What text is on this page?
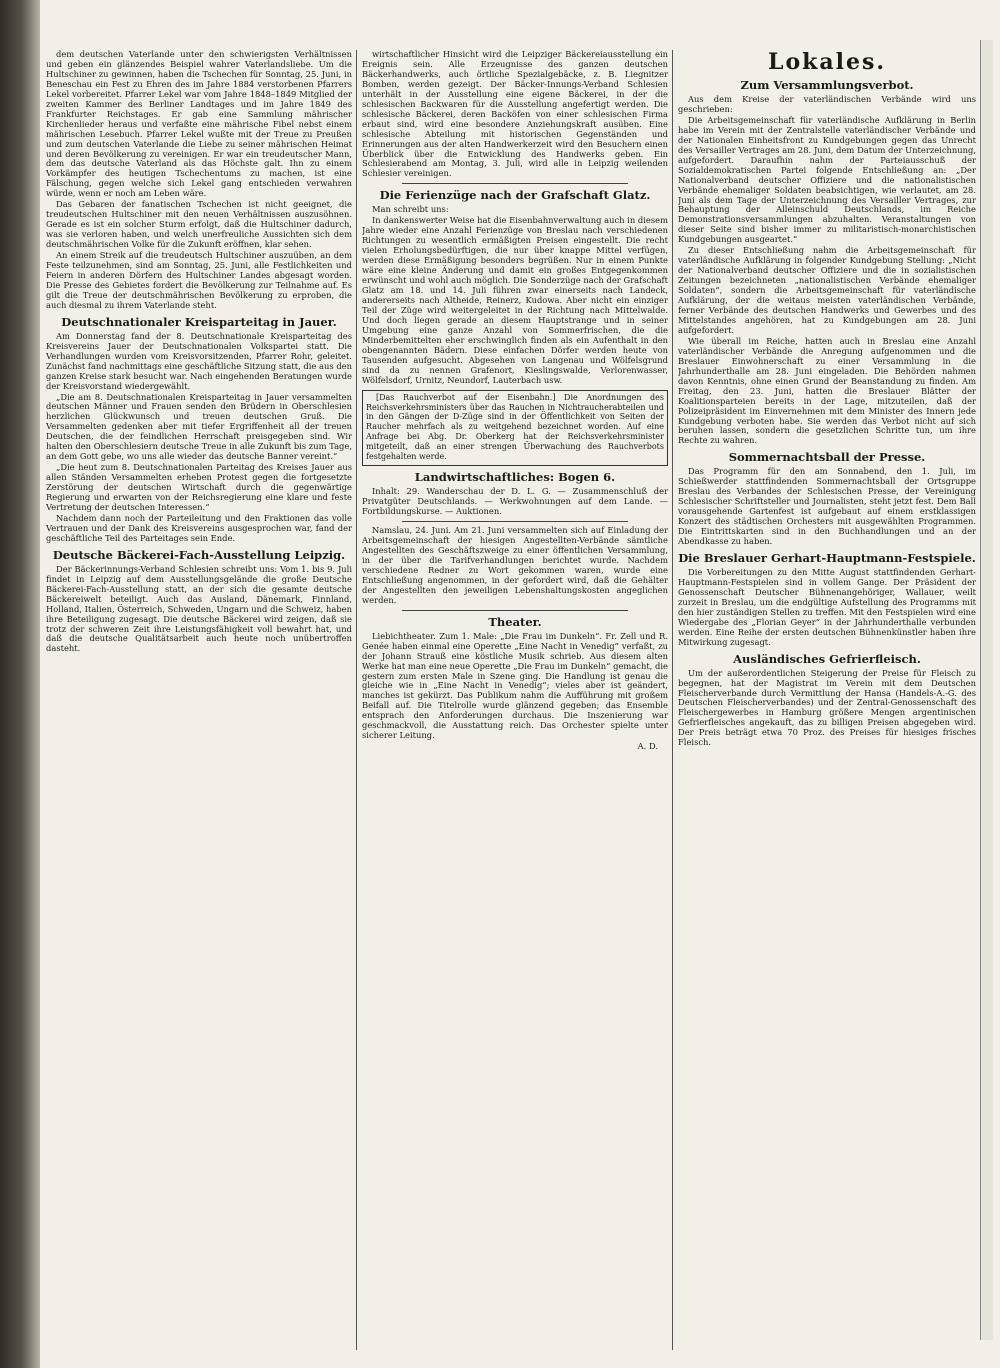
dem deutschen Vaterlande unter den schwierigsten Verhältnissen und geben ein glänzendes Beispiel wahrer Vaterlandsliebe. Um die Hultschiner zu gewinnen, haben die Tschechen für Sonntag, 25. Juni, in Beneschau ein Fest zu Ehren des im Jahre 1884 verstorbenen Pfarrers Lekel vorbereitet. Pfarrer Lekel war vom Jahre 1848–1849 Mitglied der zweiten Kammer des Berliner Landtages und im Jahre 1849 des Frankfurter Reichstages. Er gab eine Sammlung mährischer Kirchenlieder heraus und verfaßte eine mährische Fibel nebst einem mährischen Lesebuch. Pfarrer Lekel wußte mit der Treue zu Preußen und zum deutschen Vaterlande die Liebe zu seiner mährischen Heimat und deren Bevölkerung zu vereinigen. Er war ein treudeutscher Mann, dem das deutsche Vaterland als das Höchste galt. Ihn zu einem Vorkämpfer des heutigen Tschechentums zu machen, ist eine Fälschung, gegen welche sich Lekel gang entschieden verwahren würde, wenn er noch am Leben wäre.

Das Gebaren der fanatischen Tschechen ist nicht geeignet, die treudeutschen Hultschiner mit den neuen Verhältnissen auszusöhnen. Gerade es ist ein solcher Sturm erfolgt, daß die Hultschiner dadurch, was sie verloren haben, und welch unerfreuliche Aussichten sich dem deutschmährischen Volke für die Zukunft eröffnen, klar sehen.

An einem Streik auf die treudeutsch Hultschiner auszuüben, an dem Feste teilzunehmen, sind am Sonntag, 25. Juni, alle Festlichkeiten und Feiern in anderen Dörfern des Hultschiner Landes abgesagt worden. Die Presse des Gebietes fordert die Bevölkerung zur Teilnahme auf. Es gilt die Treue der deutschmährischen Bevölkerung zu erproben, die auch diesmal zu ihrem Vaterlande steht.

Deutschnationaler Kreisparteitag in Jauer.

Am Donnerstag fand der 8. Deutschnationale Kreisparteitag des Kreisvereins Jauer der Deutschnationalen Volkspartei statt. Die Verhandlungen wurden vom Kreisvorsitzenden, Pfarrer Rohr, geleitet. Zunächst fand nachmittags eine geschäftliche Sitzung statt, die aus den ganzen Kreise stark besucht war. Nach eingehenden Beratungen wurde der Kreisvorstand wiedergewählt.

„Die am 8. Deutschnationalen Kreisparteitag in Jauer versammelten deutschen Männer und Frauen senden den Brüdern in Oberschlesien herzlichen Glückwunsch und treuen deutschen Gruß. Die Versammelten gedenken aber mit tiefer Ergriffenheit all der treuen Deutschen, die der feindlichen Herrschaft preisgegeben sind. Wir halten den Oberschlesiern deutsche Treue in alle Zukunft bis zum Tage, an dem Gott gebe, wo uns alle wieder das deutsche Banner vereint.“

„Die heut zum 8. Deutschnationalen Parteitag des Kreises Jauer aus allen Ständen Versammelten erheben Protest gegen die fortgesetzte Zerstörung der deutschen Wirtschaft durch die gegenwärtige Regierung und erwarten von der Reichsregierung eine klare und feste Vertretung der deutschen Interessen.“

Nachdem dann noch der Parteileitung und den Fraktionen das volle Vertrauen und der Dank des Kreisvereins ausgesprochen war, fand der geschäftliche Teil des Parteitages sein Ende.

Deutsche Bäckerei-Fach-Ausstellung Leipzig.

Der Bäckerinnungs-Verband Schlesien schreibt uns: Vom 1. bis 9. Juli findet in Leipzig auf dem Ausstellungsgelände die große Deutsche Bäckerei-Fach-Ausstellung statt, an der sich die gesamte deutsche Bäckereiwelt beteiligt. Auch das Ausland, Dänemark, Finnland, Holland, Italien, Österreich, Schweden, Ungarn und die Schweiz, haben ihre Beteiligung zugesagt. Die deutsche Bäckerei wird zeigen, daß sie trotz der schweren Zeit ihre Leistungsfähigkeit voll bewahrt hat, und daß die deutsche Qualitätsarbeit auch heute noch unübertroffen dasteht.

wirtschaftlicher Hinsicht wird die Leipziger Bäckereiausstellung ein Ereignis sein. Alle Erzeugnisse des ganzen deutschen Bäckerhandwerks, auch örtliche Spezialgebäcke, z. B. Liegnitzer Bomben, werden gezeigt. Der Bäcker-Innungs-Verband Schlesien unterhält in der Ausstellung eine eigene Bäckerei, in der die schlesischen Backwaren für die Ausstellung angefertigt werden. Die schlesische Bäckerei, deren Backöfen von einer schlesischen Firma erbaut sind, wird eine besondere Anziehungskraft ausüben. Eine schlesische Abteilung mit historischen Gegenständen und Erinnerungen aus der alten Handwerkerzeit wird den Besuchern einen Überblick über die Entwicklung des Handwerks geben. Ein Schlesierabend am Montag, 3. Juli, wird alle in Leipzig weilenden Schlesier vereinigen.

Die Ferienzüge nach der Grafschaft Glatz.

Man schreibt uns:

In dankenswerter Weise hat die Eisenbahnverwaltung auch in diesem Jahre wieder eine Anzahl Ferienzüge von Breslau nach verschiedenen Richtungen zu wesentlich ermäßigten Preisen eingestellt. Die recht vielen Erholungsbedürftigen, die nur über knappe Mittel verfügen, werden diese Ermäßigung besonders begrüßen. Nur in einem Punkte wäre eine kleine Änderung und damit ein großes Entgegenkommen erwünscht und wohl auch möglich. Die Sonderzüge nach der Grafschaft Glatz am 18. und 14. Juli führen zwar einerseits nach Landeck, andererseits nach Altheide, Reinerz, Kudowa. Aber nicht ein einziger Teil der Züge wird weitergeleitet in der Richtung nach Mittelwalde. Und doch liegen gerade an diesem Hauptstrange und in seiner Umgebung eine ganze Anzahl von Sommerfrischen, die die Minderbemittelten eher erschwinglich finden als ein Aufenthalt in den obengenannten Bädern. Diese einfachen Dörfer werden heute von Tausenden aufgesucht. Abgesehen von Langenau und Wölfelsgrund sind da zu nennen Grafenort, Kieslingswalde, Verlorenwasser, Wölfelsdorf, Urnitz, Neundorf, Lauterbach usw.

[Das Rauchverbot auf der Eisenbahn.] Die Anordnungen des Reichsverkehrsministers über das Rauchen in Nichtraucherabteilen und in den Gängen der D-Züge sind in der Öffentlichkeit von Seiten der Raucher mehrfach als zu weitgehend bezeichnet worden. Auf eine Anfrage bei Abg. Dr. Oberkerg hat der Reichsverkehrsminister mitgeteilt, daß an einer strengen Überwachung des Rauchverbots festgehalten werde.

Landwirtschaftliches: Bogen 6.

Inhalt: 29. Wanderschau der D. L. G. — Zusammenschluß der Privatgüter Deutschlands. — Werkwohnungen auf dem Lande. — Fortbildungskurse. — Auktionen.

Namslau, 24. Juni. Am 21. Juni versammelten sich auf Einladung der Arbeitsgemeinschaft der hiesigen Angestellten-Verbände sämtliche Angestellten des Geschäftszweige zu einer öffentlichen Versammlung, in der über die Tarifverhandlungen berichtet wurde. Nachdem verschiedene Redner zu Wort gekommen waren, wurde eine Entschließung angenommen, in der gefordert wird, daß die Gehälter der Angestellten den jeweiligen Lebenshaltungskosten angeglichen werden.

Theater.

Liebichtheater. Zum 1. Male: „Die Frau im Dunkeln“. Fr. Zell und R. Genée haben einmal eine Operette „Eine Nacht in Venedig“ verfaßt, zu der Johann Strauß eine köstliche Musik schrieb. Aus diesem alten Werke hat man eine neue Operette „Die Frau im Dunkeln“ gemacht, die gestern zum ersten Male in Szene ging. Die Handlung ist genau die gleiche wie in „Eine Nacht in Venedig“; vieles aber ist geändert, manches ist gekürzt. Das Publikum nahm die Aufführung mit großem Beifall auf. Die Titelrolle wurde glänzend gegeben; das Ensemble entsprach den Anforderungen durchaus. Die Inszenierung war geschmackvoll, die Ausstattung reich. Das Orchester spielte unter sicherer Leitung.

A. D.

Lokales.
Zum Versammlungsverbot.

Aus dem Kreise der vaterländischen Verbände wird uns geschrieben:

Die Arbeitsgemeinschaft für vaterländische Aufklärung in Berlin habe im Verein mit der Zentralstelle vaterländischer Verbände und der Nationalen Einheitsfront zu Kundgebungen gegen das Unrecht des Versailler Vertrages am 28. Juni, dem Datum der Unterzeichnung, aufgefordert. Daraufhin nahm der Parteiausschuß der Sozialdemokratischen Partei folgende Entschließung an: „Der Nationalverband deutscher Offiziere und die nationalistischen Verbände ehemaliger Soldaten beabsichtigen, wie verlautet, am 28. Juni als dem Tage der Unterzeichnung des Versailler Vertrages, zur Behauptung der Alleinschuld Deutschlands, im Reiche Demonstrationsversammlungen abzuhalten. Veranstaltungen von dieser Seite sind bisher immer zu militaristisch-monarchistischen Kundgebungen ausgeartet.“

Zu dieser Entschließung nahm die Arbeitsgemeinschaft für vaterländische Aufklärung in folgender Kundgebung Stellung: „Nicht der Nationalverband deutscher Offiziere und die in sozialistischen Zeitungen bezeichneten „nationalistischen Verbände ehemaliger Soldaten“, sondern die Arbeitsgemeinschaft für vaterländische Aufklärung, der die weitaus meisten vaterländischen Verbände, ferner Verbände des deutschen Handwerks und Gewerbes und des Mittelstandes angehören, hat zu Kundgebungen am 28. Juni aufgefordert.

Wie überall im Reiche, hatten auch in Breslau eine Anzahl vaterländischer Verbände die Anregung aufgenommen und die Breslauer Einwohnerschaft zu einer Versammlung in die Jahrhunderthalle am 28. Juni eingeladen. Die Behörden nahmen davon Kenntnis, ohne einen Grund der Beanstandung zu finden. Am Freitag, den 23. Juni, hatten die Breslauer Blätter der Koalitionsparteien bereits in der Lage, mitzuteilen, daß der Polizeipräsident im Einvernehmen mit dem Minister des Innern jede Kundgebung verboten habe. Sie werden das Verbot nicht auf sich beruhen lassen, sondern die gesetzlichen Schritte tun, um ihre Rechte zu wahren.

Sommernachtsball der Presse.

Das Programm für den am Sonnabend, den 1. Juli, im Schießwerder stattfindenden Sommernachtsball der Ortsgruppe Breslau des Verbandes der Schlesischen Presse, der Vereinigung Schlesischer Schriftsteller und Journalisten, steht jetzt fest. Dem Ball vorausgehende Gartenfest ist aufgebaut auf einem erstklassigen Konzert des städtischen Orchesters mit ausgewählten Programmen. Die Eintrittskarten sind in den Buchhandlungen und an der Abendkasse zu haben.

Die Breslauer Gerhart-Hauptmann-Festspiele.

Die Vorbereitungen zu den Mitte August stattfindenden Gerhart-Hauptmann-Festspielen sind in vollem Gange. Der Präsident der Genossenschaft Deutscher Bühnenangehöriger, Wallauer, weilt zurzeit in Breslau, um die endgültige Aufstellung des Programms mit den hier zuständigen Stellen zu treffen. Mit den Festspielen wird eine Wiedergabe des „Florian Geyer“ in der Jahrhunderthalle verbunden werden. Eine Reihe der ersten deutschen Bühnenkünstler haben ihre Mitwirkung zugesagt.

Ausländisches Gefrierfleisch.

Um der außerordentlichen Steigerung der Preise für Fleisch zu begegnen, hat der Magistrat im Verein mit dem Deutschen Fleischerverbande durch Vermittlung der Hansa (Handels-A.-G. des Deutschen Fleischerverbandes) und der Zentral-Genossenschaft des Fleischergewerbes in Hamburg größere Mengen argentinischen Gefrierfleisches angekauft, das zu billigen Preisen abgegeben wird. Der Preis beträgt etwa 70 Proz. des Preises für hiesiges frisches Fleisch.
